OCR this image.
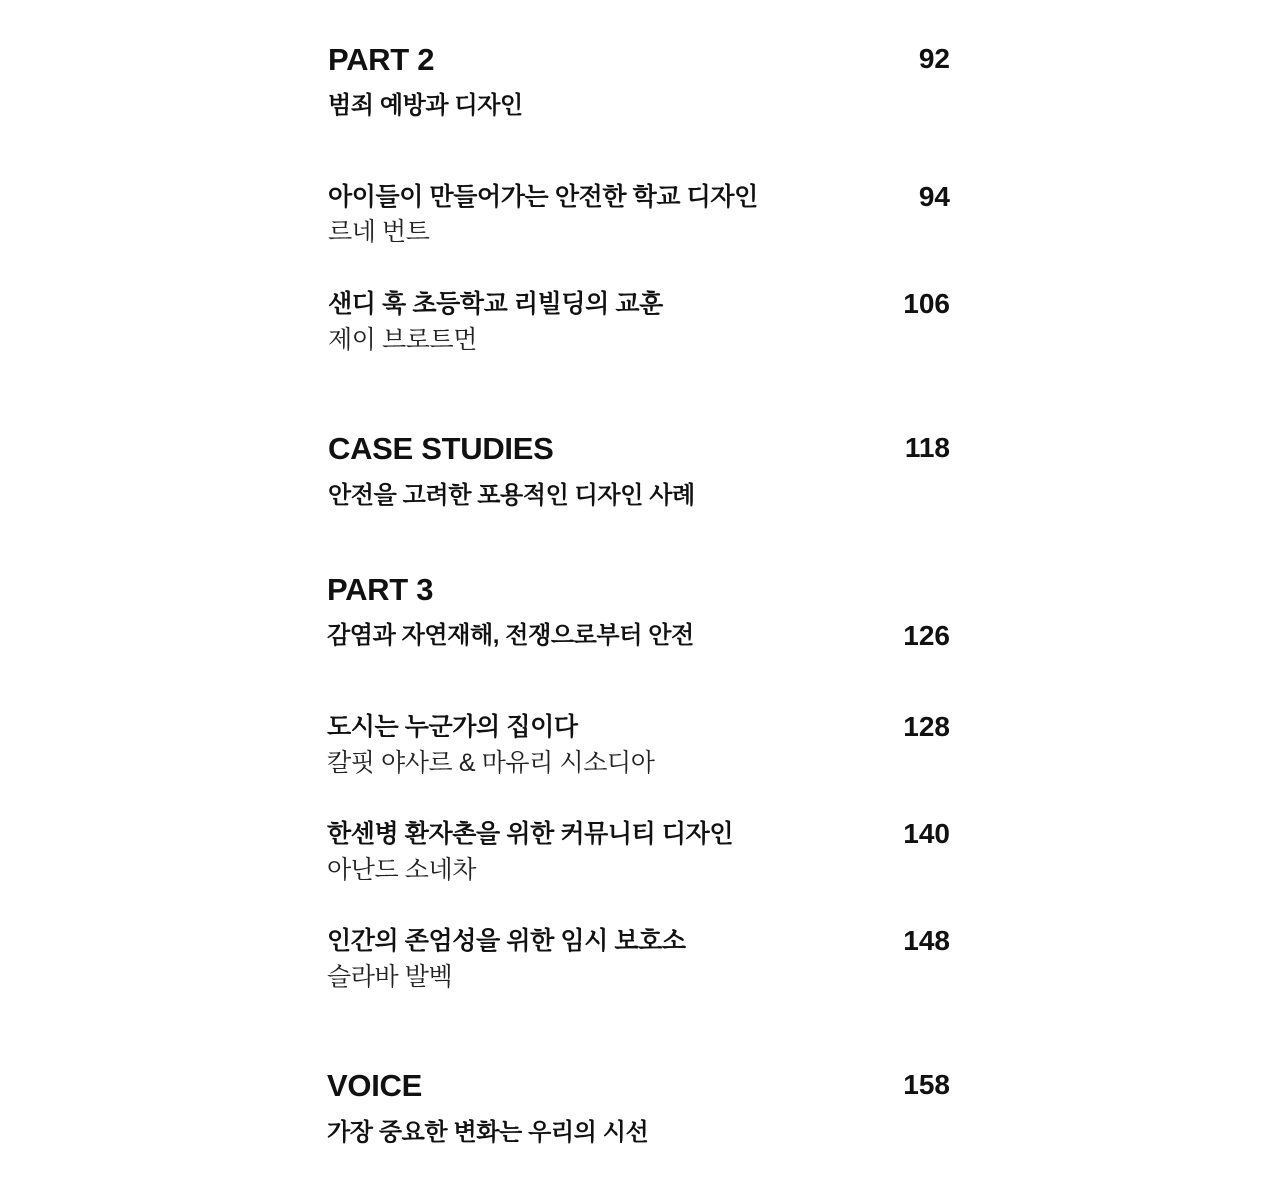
PART 2	92
범죄 예방과 디자인
아이들이 만들어가는 안전한 학교 디자인	94
르네 번트
샌디 훅 초등학교 리빌딩의 교훈	106
제이 브로트먼
CASE STUDIES	118
안전을 고려한 포용적인 디자인 사례
PART 3
감염과 자연재해, 전쟁으로부터 안전	126
도시는 누군가의 집이다	128
칼핏 야사르 & 마유리 시소디아
한센병 환자촌을 위한 커뮤니티 디자인	140
아난드 소네차
인간의 존엄성을 위한 임시 보호소	148
슬라바 발벡
VOICE	158
가장 중요한 변화는 우리의 시선
